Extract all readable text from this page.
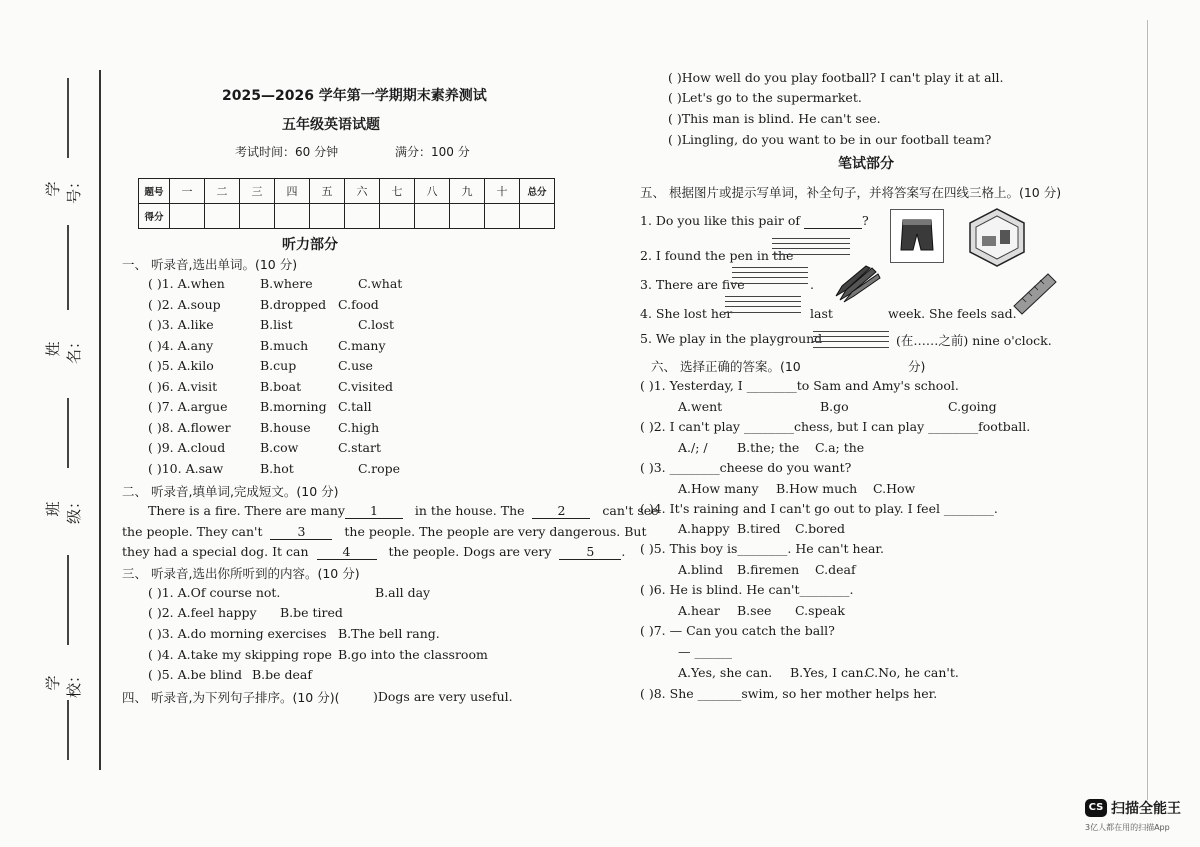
学号：
姓名：
班级：
学校：
2025—2026 学年第一学期期末素养测试
五年级英语试题
考试时间：60 分钟	满分：100 分
题号	一	二	三	四	五	六	七	八	九	十	总分
得分											
听力部分
一、 听录音,选出单词。(10 分)
( )1. A.when	B.where	C.what
( )2. A.soup	B.dropped C.food
( )3. A.like	B.list	C.lost
( )4. A.any	B.much C.many
( )5. A.kilo	B.cup	C.use
( )6. A.visit	B.boat	C.visited
( )7. A.argue	B.morning C.tall
( )8. A.flower B.house C.high
( )9. A.cloud	B.cow	C.start
( )10. A.saw	B.hot	C.rope
二、 听录音,填单词,完成短文。(10 分)
There is a fire. There are many 1	in the house. The	2	can't see
the people. They can't	3	the people. The people are very dangerous. But
they had a special dog. It can	4	the people. Dogs are very	5 .
三、 听录音,选出你所听到的内容。(10 分)
( )1. A.Of course not.	B.all day
( )2. A.feel happy B.be tired
( )3. A.do morning exercises B.The bell rang.
( )4. A.take my skipping rope B.go into the classroom
( )5. A.be blind B.be deaf
四、 听录音,为下列句子排序。(10 分)(	)Dogs are very useful.
( )How well do you play football? I can't play it at all.
( )Let's go to the supermarket.
( )This man is blind. He can't see.
( )Lingling, do you want to be in our football team?
笔试部分
五、 根据图片或提示写单词，补全句子，并将答案写在四线三格上。(10 分)
1. Do you like this pair of	?
2. I found the pen in the
3. There are five	.
4. She lost her	last	week. She feels sad.
5. We play in the playground	(在……之前) nine o'clock.
六、 选择正确的答案。(10	分)
( )1. Yesterday, I ________to Sam and Amy's school.
A.went	B.go	C.going
( )2. I can't play ________chess, but I can play ________football.
A./; / B.the; the C.a; the
( )3. ________cheese do you want?
A.How many B.How much C.How
( )4. It's raining and I can't go out to play. I feel ________.
A.happy B.tired C.bored
( )5. This boy is________. He can't hear.
A.blind B.firemen C.deaf
( )6. He is blind. He can't________.
A.hear B.see C.speak
( )7. — Can you catch the ball?
— ______
A.Yes, she can. B.Yes, I can.
C.No, he can't.
( )8. She _______swim, so her mother helps her.
CS 扫描全能王
3亿人都在用的扫描App
